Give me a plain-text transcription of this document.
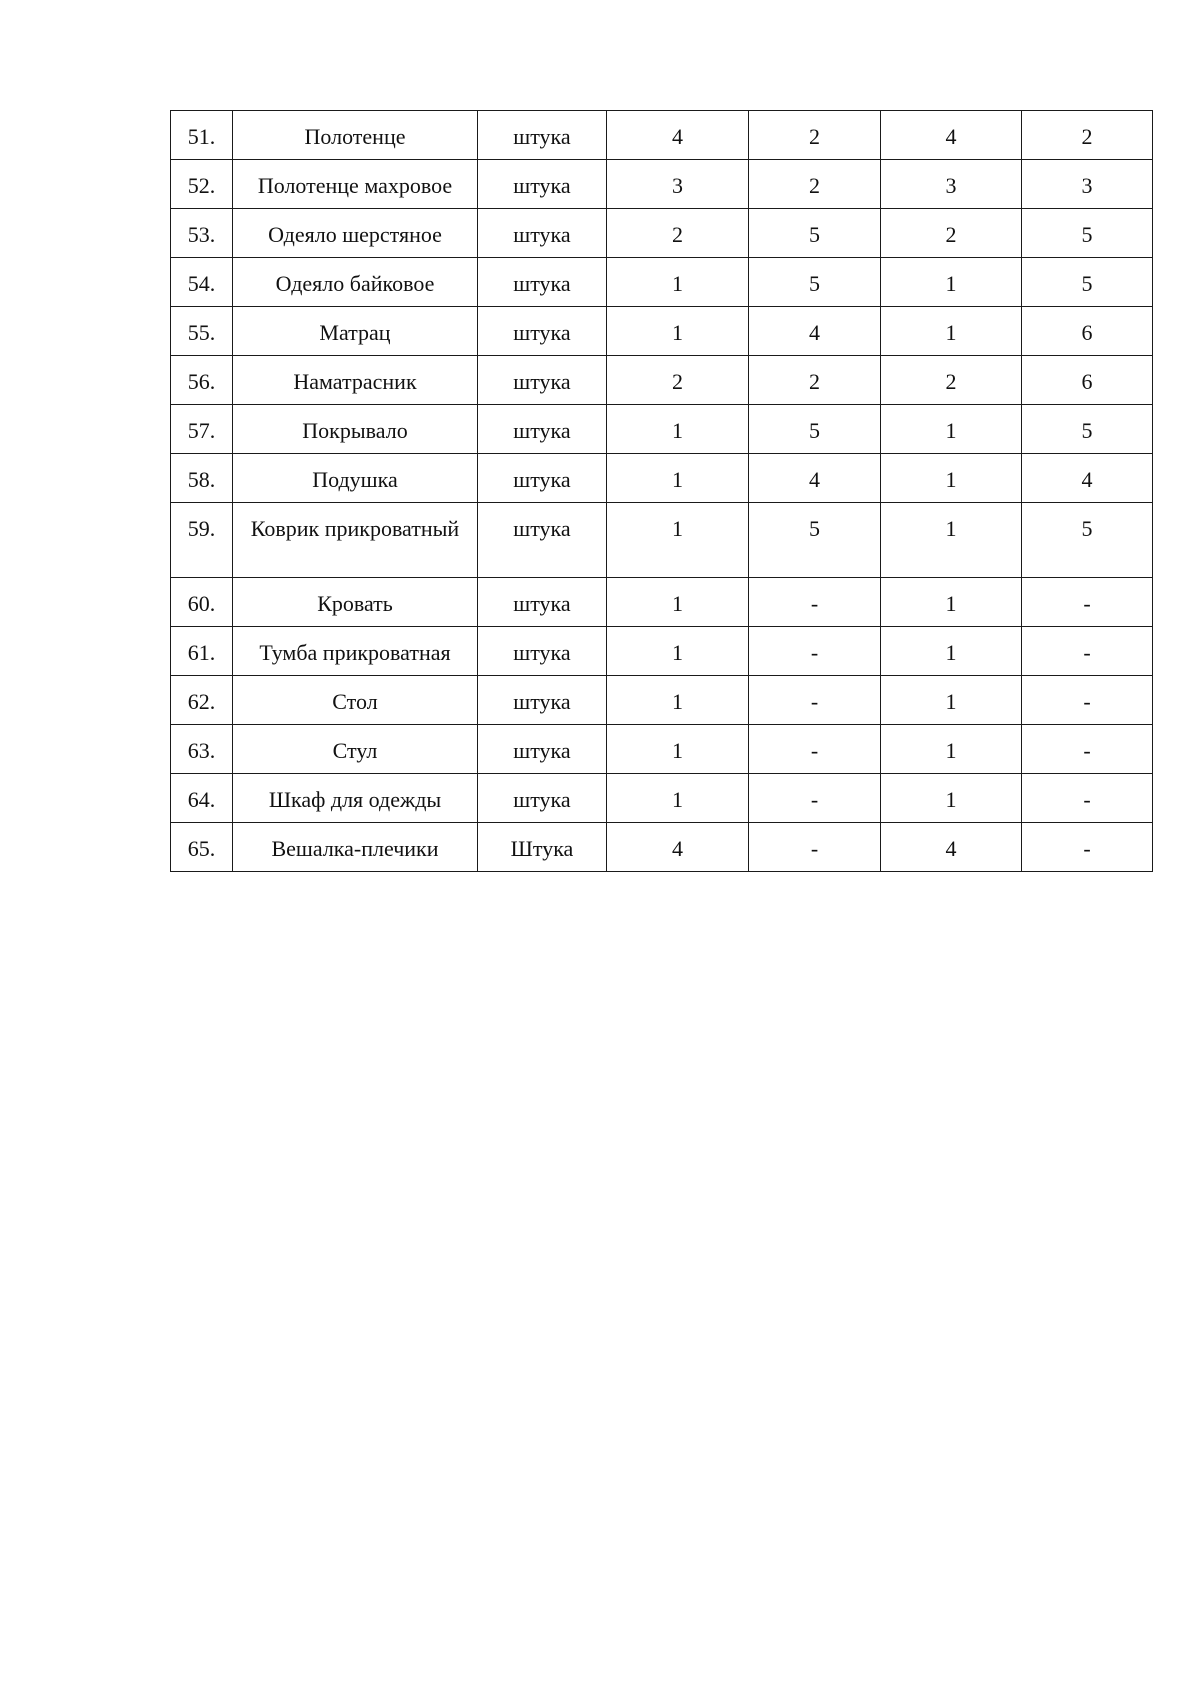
51.	Полотенце	штука	4	2	4	2
52.	Полотенце махровое	штука	3	2	3	3
53.	Одеяло шерстяное	штука	2	5	2	5
54.	Одеяло байковое	штука	1	5	1	5
55.	Матрац	штука	1	4	1	6
56.	Наматрасник	штука	2	2	2	6
57.	Покрывало	штука	1	5	1	5
58.	Подушка	штука	1	4	1	4
59.	Коврик прикроватный	штука	1	5	1	5
60.	Кровать	штука	1	-	1	-
61.	Тумба прикроватная	штука	1	-	1	-
62.	Стол	штука	1	-	1	-
63.	Стул	штука	1	-	1	-
64.	Шкаф для одежды	штука	1	-	1	-
65.	Вешалка-плечики	Штука	4	-	4	-
